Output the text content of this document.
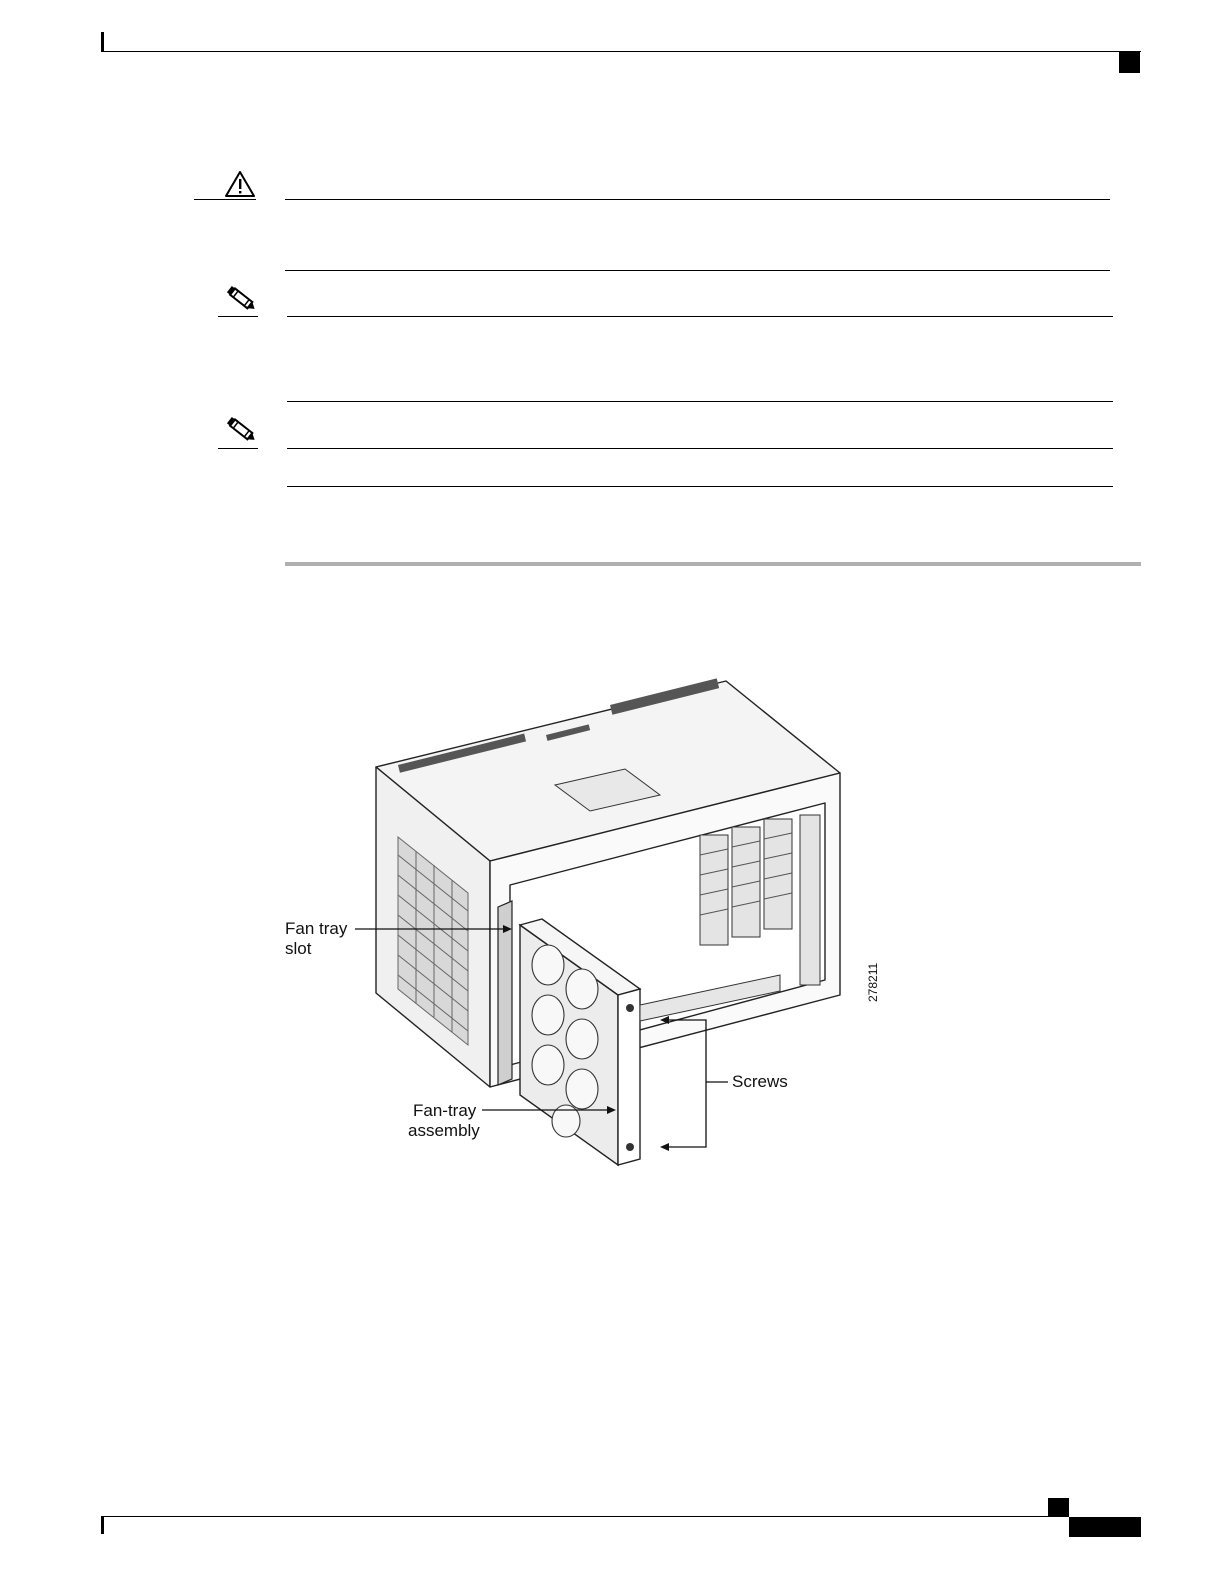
Fan tray
slot
Fan-tray
assembly
Screws
278211
